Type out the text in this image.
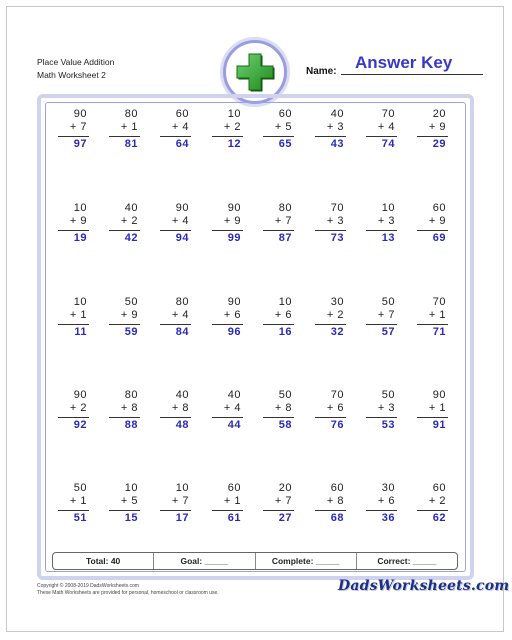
Place Value Addition
Math Worksheet 2	Name: Answer Key
90
+ 7
97
80
+ 1
81
60
+ 4
64
10
+ 2
12
60
+ 5
65
40
+ 3
43
70
+ 4
74
20
+ 9
29
10
+ 9
19
40
+ 2
42
90
+ 4
94
90
+ 9
99
80
+ 7
87
70
+ 3
73
10
+ 3
13
60
+ 9
69
10
+ 1
11
50
+ 9
59
80
+ 4
84
90
+ 6
96
10
+ 6
16
30
+ 2
32
50
+ 7
57
70
+ 1
71
90
+ 2
92
80
+ 8
88
40
+ 8
48
40
+ 4
44
50
+ 8
58
70
+ 6
76
50
+ 3
53
90
+ 1
91
50
+ 1
51
10
+ 5
15
10
+ 7
17
60
+ 1
61
20
+ 7
27
60
+ 8
68
30
+ 6
36
60
+ 2
62
Total: 40	Goal: _____	Complete: _____	Correct: _____
Copyright © 2008-2019 DadsWorksheets.com
These Math Worksheets are provided for personal, homeschool or classroom use.	DadsWorksheets.com
